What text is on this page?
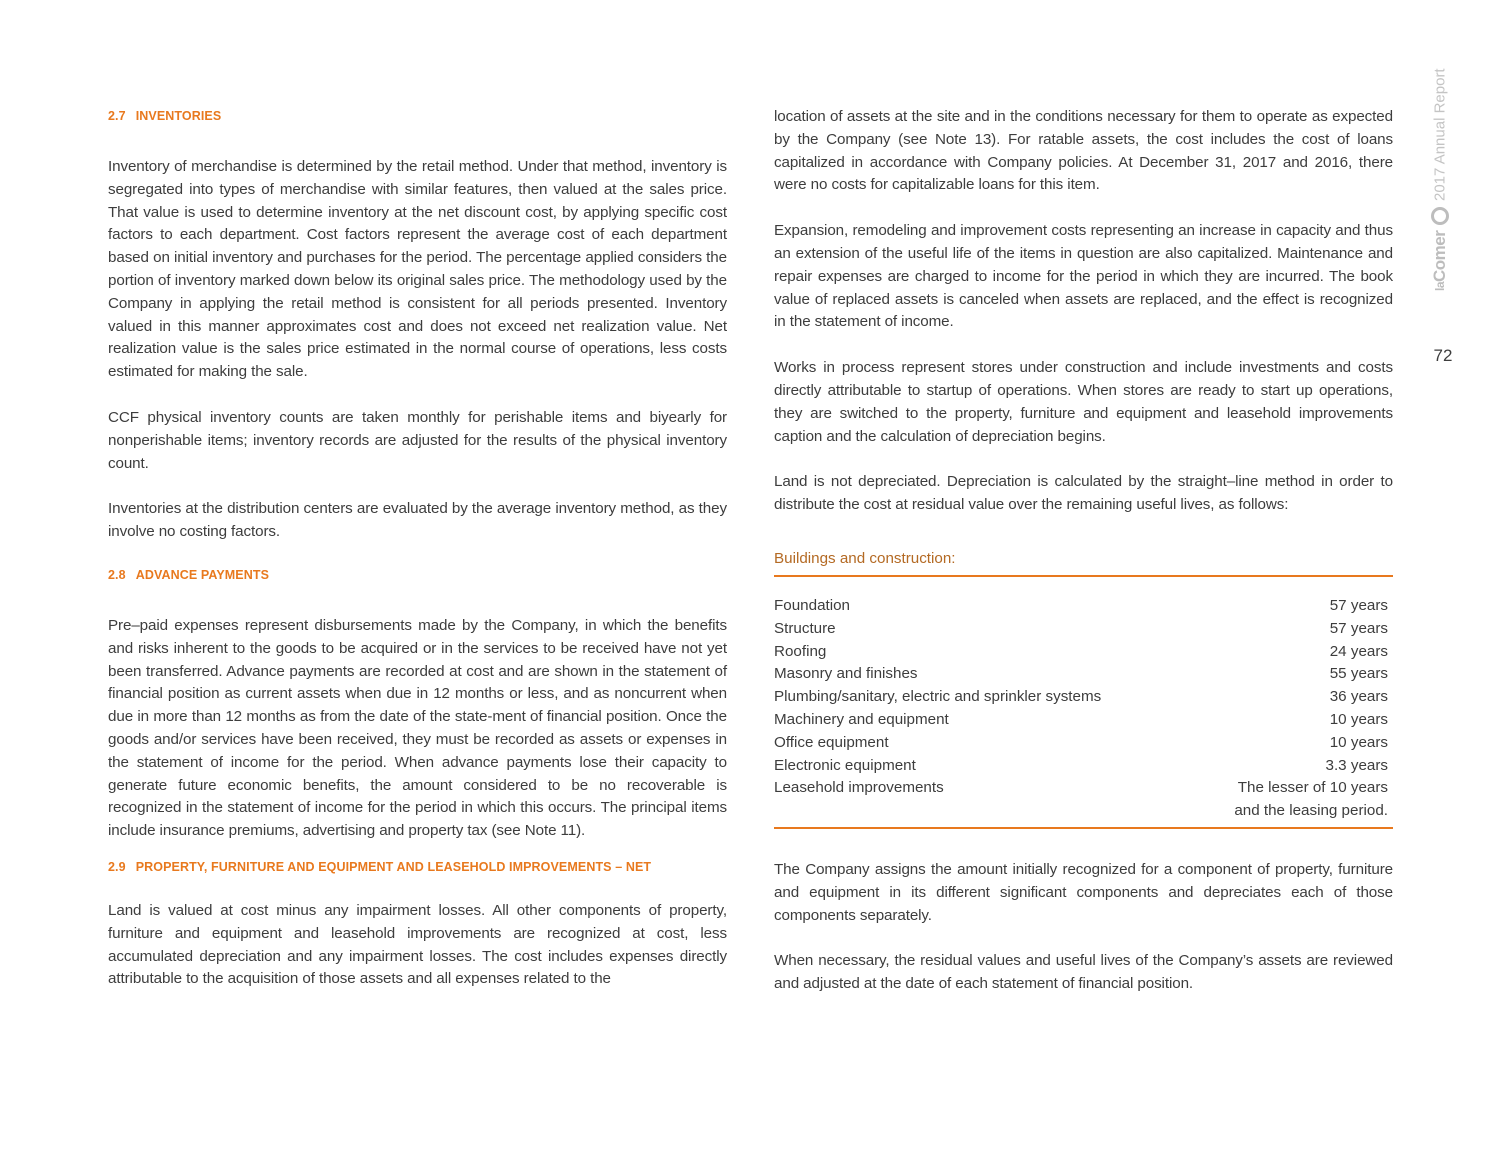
2.7 INVENTORIES

Inventory of merchandise is determined by the retail method. Under that method, inventory is segregated into types of merchandise with similar features, then valued at the sales price. That value is used to determine inventory at the net discount cost, by applying specific cost factors to each department. Cost factors represent the average cost of each department based on initial inventory and purchases for the period. The percentage applied considers the portion of inventory marked down below its original sales price. The methodology used by the Company in applying the retail method is consistent for all periods presented. Inventory valued in this manner approximates cost and does not exceed net realization value. Net realization value is the sales price estimated in the normal course of operations, less costs estimated for making the sale.

CCF physical inventory counts are taken monthly for perishable items and biyearly for nonperishable items; inventory records are adjusted for the results of the physical inventory count.

Inventories at the distribution centers are evaluated by the average inventory method, as they involve no costing factors.

2.8 ADVANCE PAYMENTS

Pre–paid expenses represent disbursements made by the Company, in which the benefits and risks inherent to the goods to be acquired or in the services to be received have not yet been transferred. Advance payments are recorded at cost and are shown in the statement of financial position as current assets when due in 12 months or less, and as noncurrent when due in more than 12 months as from the date of the state-ment of financial position. Once the goods and/or services have been received, they must be recorded as assets or expenses in the statement of income for the period. When advance payments lose their capacity to generate future economic benefits, the amount considered to be no recoverable is recognized in the statement of income for the period in which this occurs. The principal items include insurance premiums, advertising and property tax (see Note 11).

2.9 PROPERTY, FURNITURE AND EQUIPMENT AND LEASEHOLD IMPROVEMENTS – NET

Land is valued at cost minus any impairment losses. All other components of property, furniture and equipment and leasehold improvements are recognized at cost, less accumulated depreciation and any impairment losses. The cost includes expenses directly attributable to the acquisition of those assets and all expenses related to the

location of assets at the site and in the conditions necessary for them to operate as expected by the Company (see Note 13). For ratable assets, the cost includes the cost of loans capitalized in accordance with Company policies. At December 31, 2017 and 2016, there were no costs for capitalizable loans for this item.

Expansion, remodeling and improvement costs representing an increase in capacity and thus an extension of the useful life of the items in question are also capitalized. Maintenance and repair expenses are charged to income for the period in which they are incurred. The book value of replaced assets is canceled when assets are replaced, and the effect is recognized in the statement of income.

Works in process represent stores under construction and include investments and costs directly attributable to startup of operations. When stores are ready to start up operations, they are switched to the property, furniture and equipment and leasehold improvements caption and the calculation of depreciation begins.

Land is not depreciated. Depreciation is calculated by the straight–line method in order to distribute the cost at residual value over the remaining useful lives, as follows:

Buildings and construction:
Foundation	57 years
Structure	57 years
Roofing	24 years
Masonry and finishes	55 years
Plumbing/sanitary, electric and sprinkler systems	36 years
Machinery and equipment	10 years
Office equipment	10 years
Electronic equipment	3.3 years
Leasehold improvements	The lesser of 10 years
and the leasing period.

The Company assigns the amount initially recognized for a component of property, furniture and equipment in its different significant components and depreciates each of those components separately.

When necessary, the residual values and useful lives of the Company’s assets are reviewed and adjusted at the date of each statement of financial position.

laComer
2017 Annual Report
72
